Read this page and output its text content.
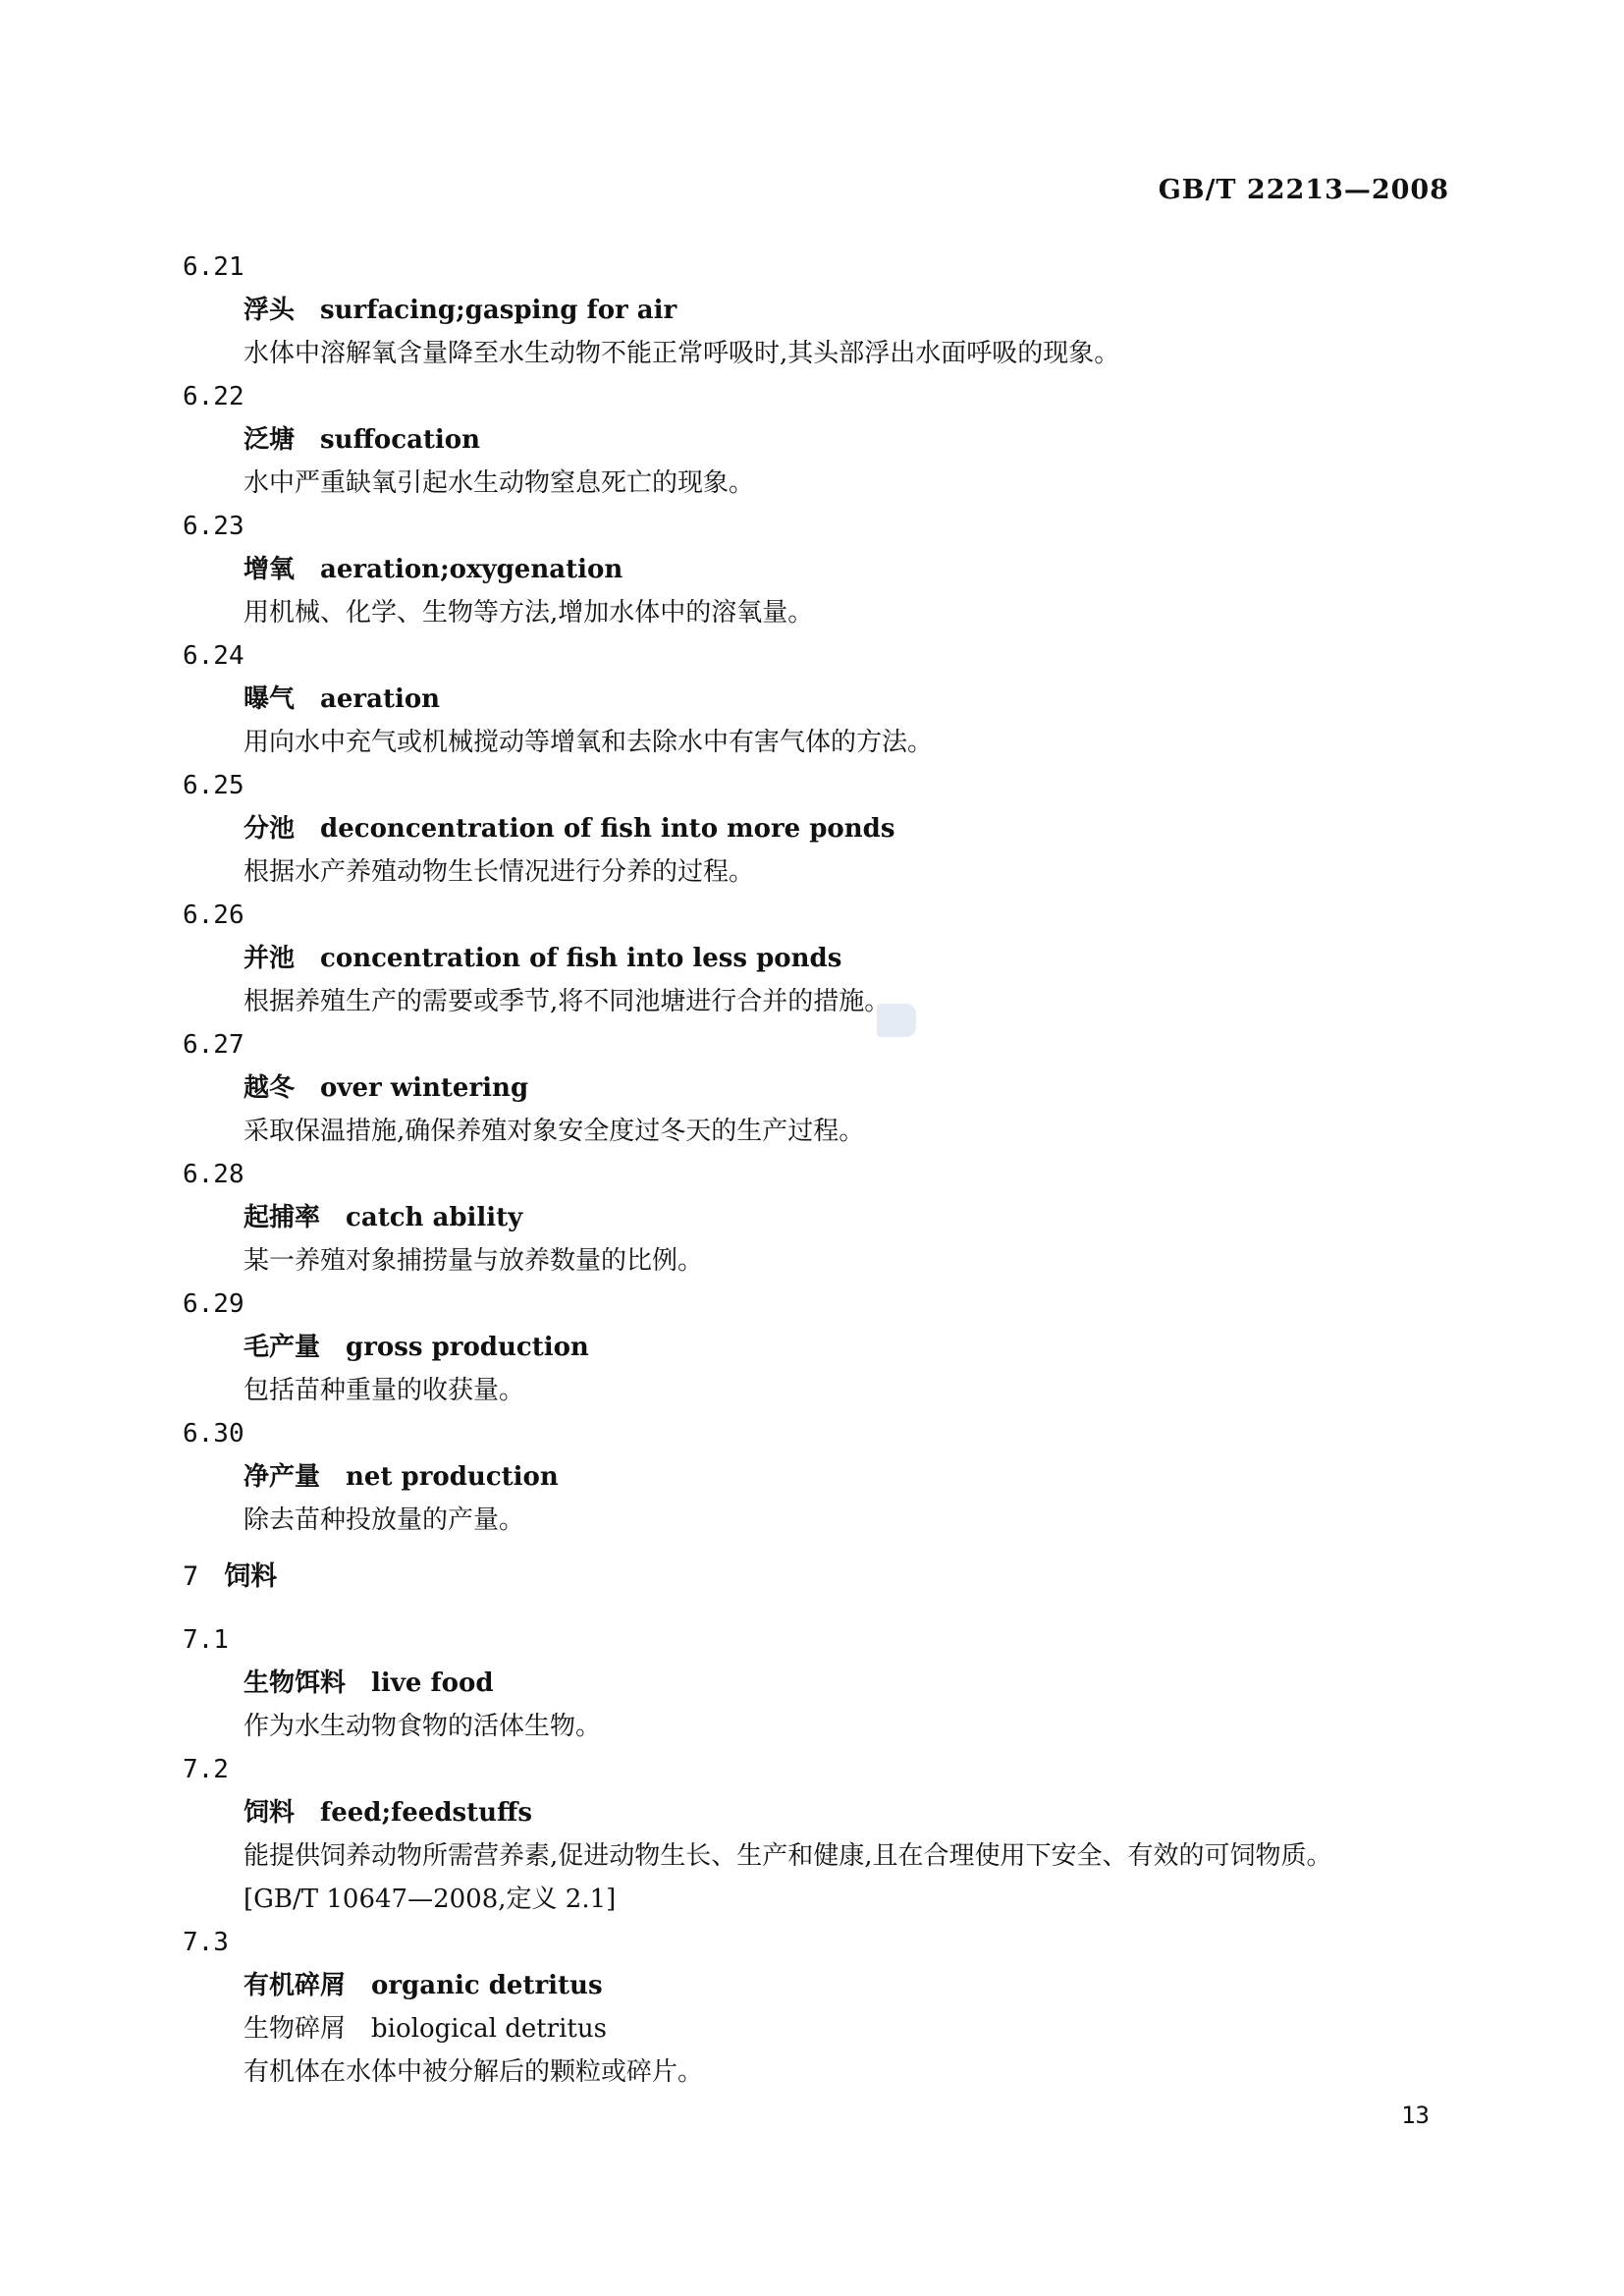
GB/T 22213—2008
6.21
浮头 surfacing;gasping for air
水体中溶解氧含量降至水生动物不能正常呼吸时,其头部浮出水面呼吸的现象。
6.22
泛塘 suffocation
水中严重缺氧引起水生动物窒息死亡的现象。
6.23
增氧 aeration;oxygenation
用机械、化学、生物等方法,增加水体中的溶氧量。
6.24
曝气 aeration
用向水中充气或机械搅动等增氧和去除水中有害气体的方法。
6.25
分池 deconcentration of fish into more ponds
根据水产养殖动物生长情况进行分养的过程。
6.26
并池 concentration of fish into less ponds
根据养殖生产的需要或季节,将不同池塘进行合并的措施。
6.27
越冬 over wintering
采取保温措施,确保养殖对象安全度过冬天的生产过程。
6.28
起捕率 catch ability
某一养殖对象捕捞量与放养数量的比例。
6.29
毛产量 gross production
包括苗种重量的收获量。
6.30
净产量 net production
除去苗种投放量的产量。
7 饲料
7.1
生物饵料 live food
作为水生动物食物的活体生物。
7.2
饲料 feed;feedstuffs
能提供饲养动物所需营养素,促进动物生长、生产和健康,且在合理使用下安全、有效的可饲物质。
[GB/T 10647—2008,定义 2.1]
7.3
有机碎屑 organic detritus
生物碎屑 biological detritus
有机体在水体中被分解后的颗粒或碎片。
13
